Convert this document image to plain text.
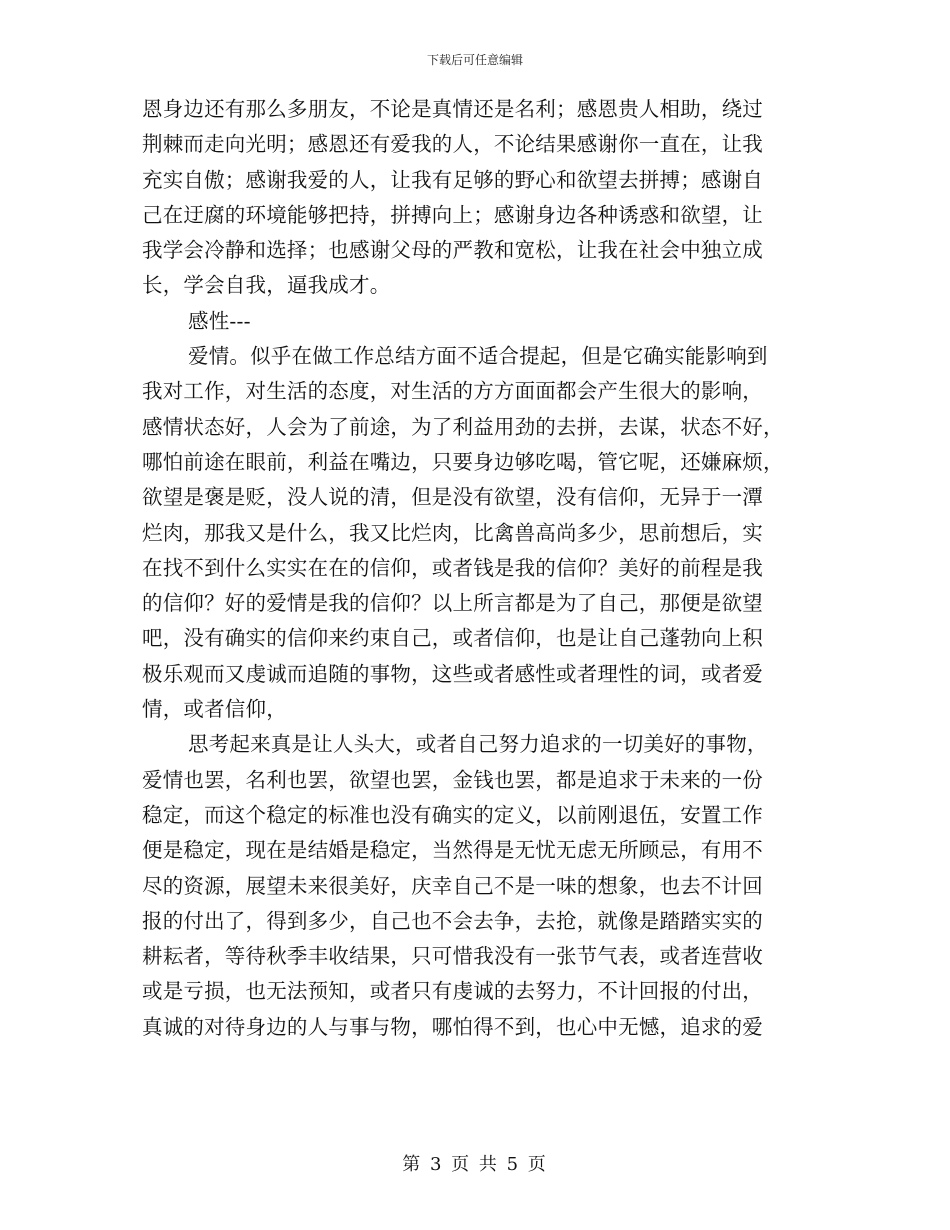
下载后可任意编辑
恩身边还有那么多朋友，不论是真情还是名利；感恩贵人相助，绕过
荆棘而走向光明；感恩还有爱我的人，不论结果感谢你一直在，让我
充实自傲；感谢我爱的人，让我有足够的野心和欲望去拼搏；感谢自
己在迂腐的环境能够把持，拼搏向上；感谢身边各种诱惑和欲望，让
我学会冷静和选择；也感谢父母的严教和宽松，让我在社会中独立成
长，学会自我，逼我成才。
感性---
爱情。似乎在做工作总结方面不适合提起，但是它确实能影响到
我对工作，对生活的态度，对生活的方方面面都会产生很大的影响，
感情状态好，人会为了前途，为了利益用劲的去拼，去谋，状态不好，
哪怕前途在眼前，利益在嘴边，只要身边够吃喝，管它呢，还嫌麻烦，
欲望是褒是贬，没人说的清，但是没有欲望，没有信仰，无异于一潭
烂肉，那我又是什么，我又比烂肉，比禽兽高尚多少，思前想后，实
在找不到什么实实在在的信仰，或者钱是我的信仰？美好的前程是我
的信仰？好的爱情是我的信仰？以上所言都是为了自己，那便是欲望
吧，没有确实的信仰来约束自己，或者信仰，也是让自己蓬勃向上积
极乐观而又虔诚而追随的事物，这些或者感性或者理性的词，或者爱
情，或者信仰，
思考起来真是让人头大，或者自己努力追求的一切美好的事物，
爱情也罢，名利也罢，欲望也罢，金钱也罢，都是追求于未来的一份
稳定，而这个稳定的标准也没有确实的定义，以前刚退伍，安置工作
便是稳定，现在是结婚是稳定，当然得是无忧无虑无所顾忌，有用不
尽的资源，展望未来很美好，庆幸自己不是一味的想象，也去不计回
报的付出了，得到多少，自己也不会去争，去抢，就像是踏踏实实的
耕耘者，等待秋季丰收结果，只可惜我没有一张节气表，或者连营收
或是亏损，也无法预知，或者只有虔诚的去努力，不计回报的付出，
真诚的对待身边的人与事与物，哪怕得不到，也心中无憾，追求的爱
第 3 页 共 5 页
